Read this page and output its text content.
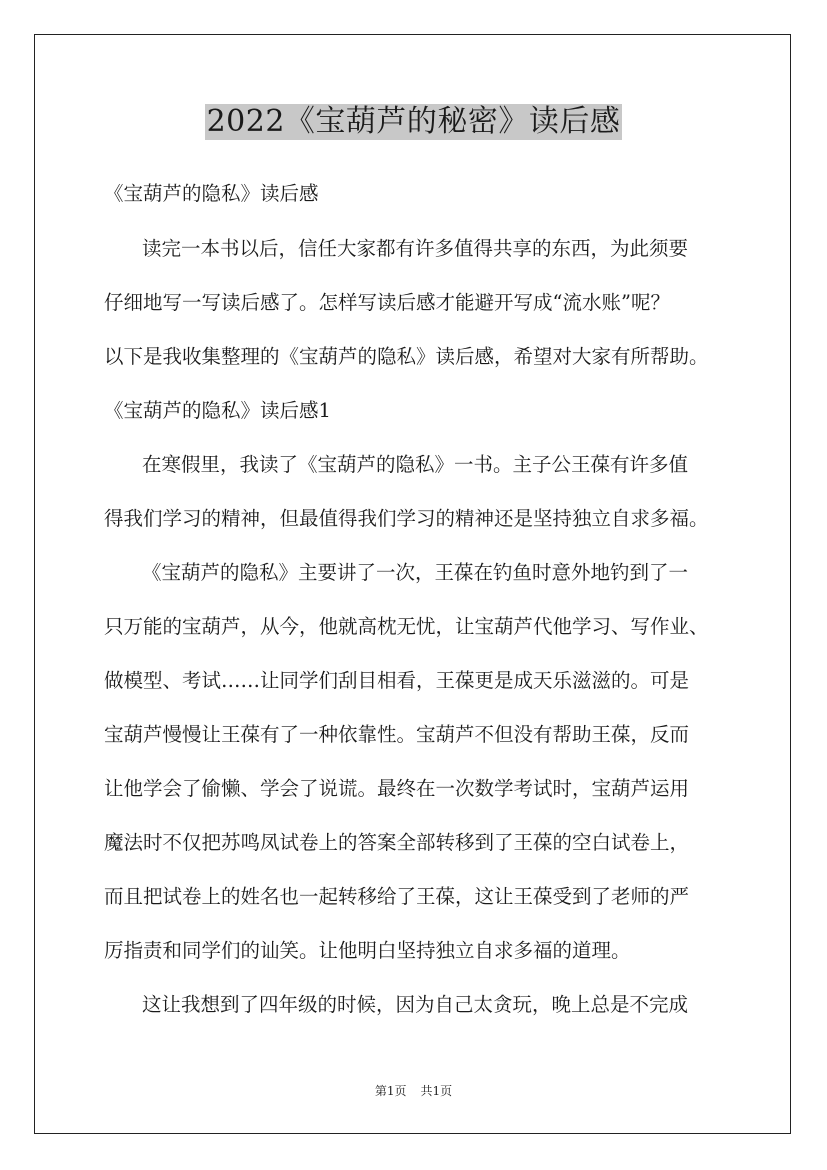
2022《宝葫芦的秘密》读后感
《宝葫芦的隐私》读后感
读完一本书以后，信任大家都有许多值得共享的东西，为此须要
仔细地写一写读后感了。怎样写读后感才能避开写成“流水账”呢？
以下是我收集整理的《宝葫芦的隐私》读后感，希望对大家有所帮助。
《宝葫芦的隐私》读后感1
在寒假里，我读了《宝葫芦的隐私》一书。主子公王葆有许多值
得我们学习的精神，但最值得我们学习的精神还是坚持独立自求多福。
《宝葫芦的隐私》主要讲了一次，王葆在钓鱼时意外地钓到了一
只万能的宝葫芦，从今，他就高枕无忧，让宝葫芦代他学习、写作业、
做模型、考试……让同学们刮目相看，王葆更是成天乐滋滋的。可是
宝葫芦慢慢让王葆有了一种依靠性。宝葫芦不但没有帮助王葆，反而
让他学会了偷懒、学会了说谎。最终在一次数学考试时，宝葫芦运用
魔法时不仅把苏鸣凤试卷上的答案全部转移到了王葆的空白试卷上，
而且把试卷上的姓名也一起转移给了王葆，这让王葆受到了老师的严
厉指责和同学们的讪笑。让他明白坚持独立自求多福的道理。
这让我想到了四年级的时候，因为自己太贪玩，晚上总是不完成
第1页 共1页
